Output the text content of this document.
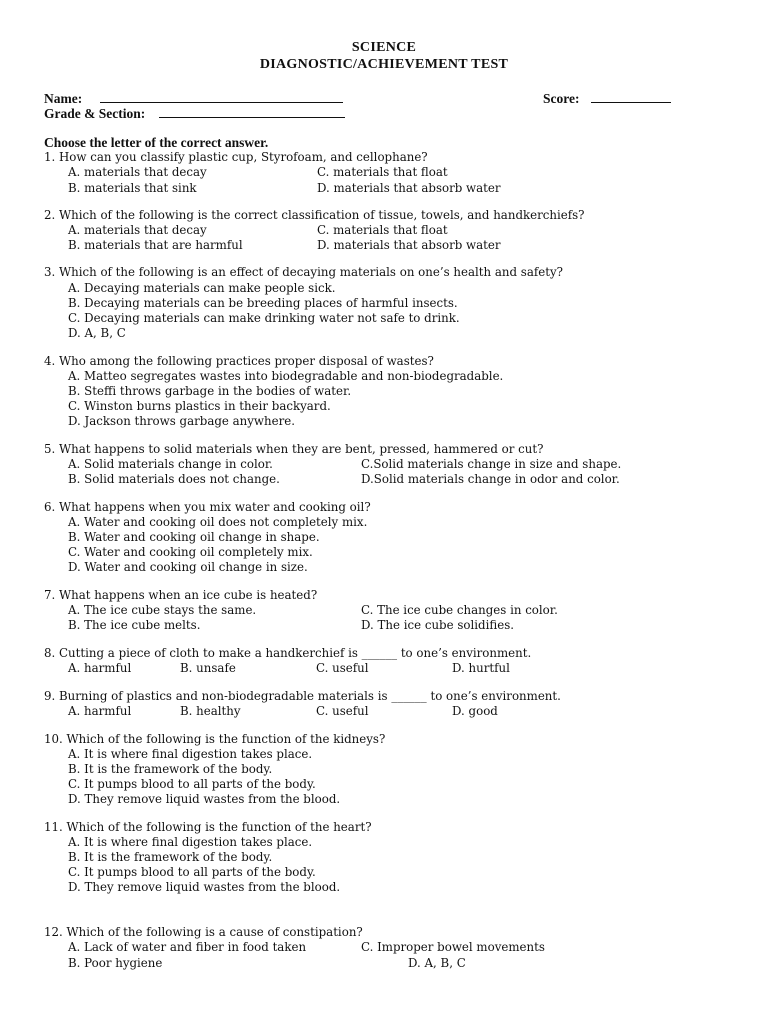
SCIENCE
DIAGNOSTIC/ACHIEVEMENT TEST
Name:	Score:
Grade & Section:
Choose the letter of the correct answer.
1. How can you classify plastic cup, Styrofoam, and cellophane?
A. materials that decay	C. materials that float
B. materials that sink	D. materials that absorb water
2. Which of the following is the correct classification of tissue, towels, and handkerchiefs?
A. materials that decay	C. materials that float
B. materials that are harmful	D. materials that absorb water
3. Which of the following is an effect of decaying materials on one’s health and safety?
A. Decaying materials can make people sick.
B. Decaying materials can be breeding places of harmful insects.
C. Decaying materials can make drinking water not safe to drink.
D. A, B, C
4. Who among the following practices proper disposal of wastes?
A. Matteo segregates wastes into biodegradable and non-biodegradable.
B. Steffi throws garbage in the bodies of water.
C. Winston burns plastics in their backyard.
D. Jackson throws garbage anywhere.
5. What happens to solid materials when they are bent, pressed, hammered or cut?
A. Solid materials change in color.	C.Solid materials change in size and shape.
B. Solid materials does not change.	D.Solid materials change in odor and color.
6. What happens when you mix water and cooking oil?
A. Water and cooking oil does not completely mix.
B. Water and cooking oil change in shape.
C. Water and cooking oil completely mix.
D. Water and cooking oil change in size.
7. What happens when an ice cube is heated?
A. The ice cube stays the same.	C. The ice cube changes in color.
B. The ice cube melts.	D. The ice cube solidifies.
8. Cutting a piece of cloth to make a handkerchief is ______ to one’s environment.
A. harmful	B. unsafe	C. useful	D. hurtful
9. Burning of plastics and non-biodegradable materials is ______ to one’s environment.
A. harmful	B. healthy	C. useful	D. good
10. Which of the following is the function of the kidneys?
A. It is where final digestion takes place.
B. It is the framework of the body.
C. It pumps blood to all parts of the body.
D. They remove liquid wastes from the blood.
11. Which of the following is the function of the heart?
A. It is where final digestion takes place.
B. It is the framework of the body.
C. It pumps blood to all parts of the body.
D. They remove liquid wastes from the blood.
12. Which of the following is a cause of constipation?
A. Lack of water and fiber in food taken	C. Improper bowel movements
B. Poor hygiene	D. A, B, C
